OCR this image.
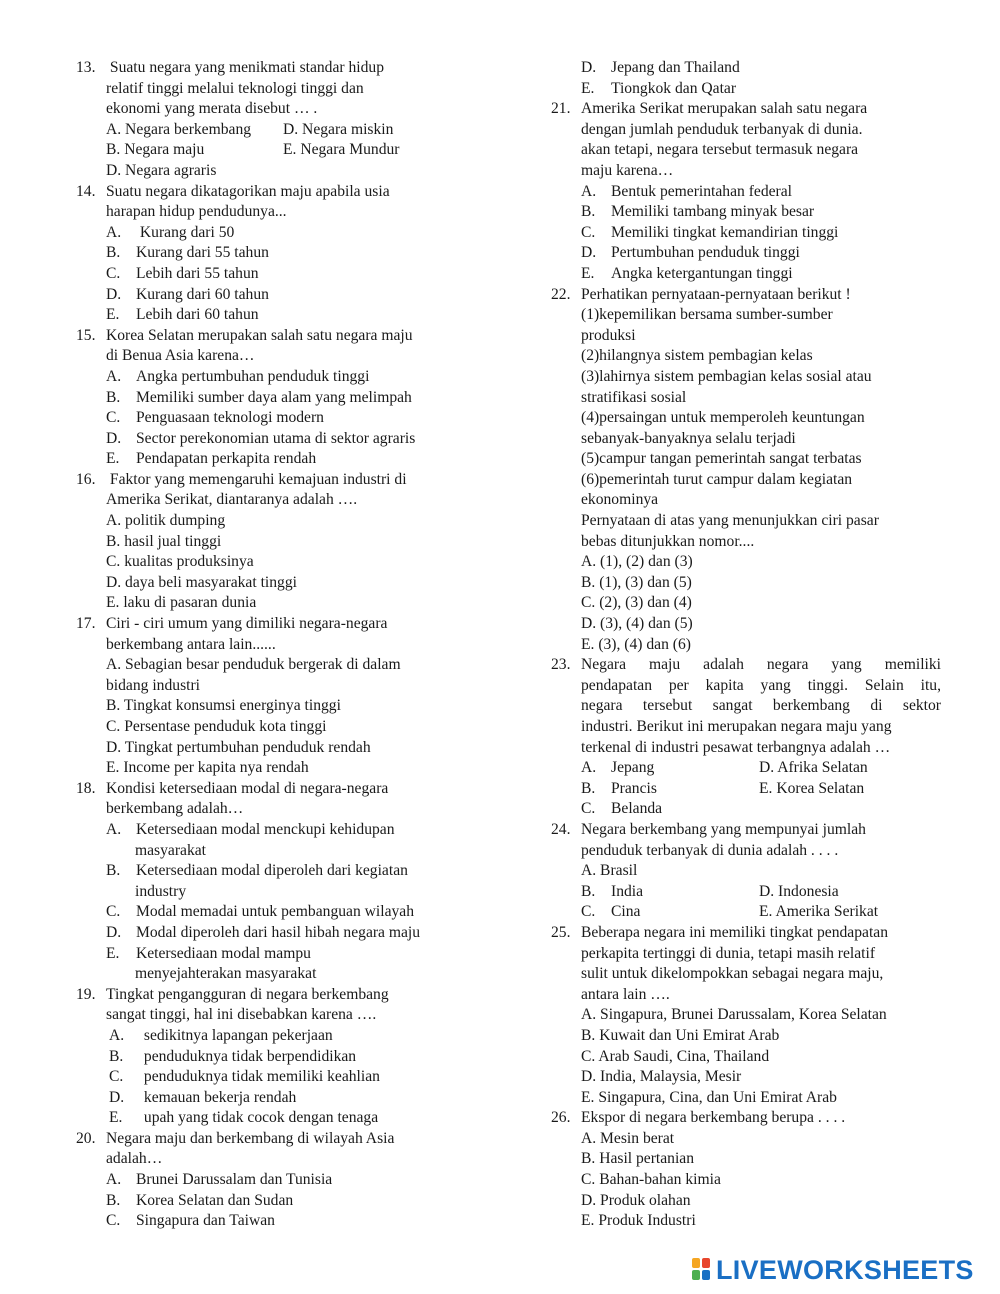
13. Suatu negara yang menikmati standar hidup
relatif tinggi melalui teknologi tinggi dan
ekonomi yang merata disebut … .
A. Negara berkembang D. Negara miskin
B. Negara maju	E. Negara Mundur
D. Negara agraris
14. Suatu negara dikatagorikan maju apabila usia
harapan hidup pendudunya...
A. Kurang dari 50
B. Kurang dari 55 tahun
C. Lebih dari 55 tahun
D. Kurang dari 60 tahun
E. Lebih dari 60 tahun
15. Korea Selatan merupakan salah satu negara maju
di Benua Asia karena…
A. Angka pertumbuhan penduduk tinggi
B. Memiliki sumber daya alam yang melimpah
C. Penguasaan teknologi modern
D. Sector perekonomian utama di sektor agraris
E. Pendapatan perkapita rendah
16. Faktor yang memengaruhi kemajuan industri di
Amerika Serikat, diantaranya adalah ….
A. politik dumping
B. hasil jual tinggi
C. kualitas produksinya
D. daya beli masyarakat tinggi
E. laku di pasaran dunia
17. Ciri - ciri umum yang dimiliki negara-negara
berkembang antara lain......
A. Sebagian besar penduduk bergerak di dalam
bidang industri
B. Tingkat konsumsi energinya tinggi
C. Persentase penduduk kota tinggi
D. Tingkat pertumbuhan penduduk rendah
E. Income per kapita nya rendah
18. Kondisi ketersediaan modal di negara-negara
berkembang adalah…
A. Ketersediaan modal menckupi kehidupan
masyarakat
B. Ketersediaan modal diperoleh dari kegiatan
industry
C. Modal memadai untuk pembanguan wilayah
D. Modal diperoleh dari hasil hibah negara maju
E. Ketersediaan modal mampu
menyejahterakan masyarakat
19. Tingkat pengangguran di negara berkembang
sangat tinggi, hal ini disebabkan karena ….
A. sedikitnya lapangan pekerjaan
B. penduduknya tidak berpendidikan
C. penduduknya tidak memiliki keahlian
D. kemauan bekerja rendah
E. upah yang tidak cocok dengan tenaga
20. Negara maju dan berkembang di wilayah Asia
adalah…
A. Brunei Darussalam dan Tunisia
B. Korea Selatan dan Sudan
C. Singapura dan Taiwan
D. Jepang dan Thailand
E. Tiongkok dan Qatar
21. Amerika Serikat merupakan salah satu negara
dengan jumlah penduduk terbanyak di dunia.
akan tetapi, negara tersebut termasuk negara
maju karena…
A. Bentuk pemerintahan federal
B. Memiliki tambang minyak besar
C. Memiliki tingkat kemandirian tinggi
D. Pertumbuhan penduduk tinggi
E. Angka ketergantungan tinggi
22. Perhatikan pernyataan-pernyataan berikut !
(1)kepemilikan bersama sumber-sumber
produksi
(2)hilangnya sistem pembagian kelas
(3)lahirnya sistem pembagian kelas sosial atau
stratifikasi sosial
(4)persaingan untuk memperoleh keuntungan
sebanyak-banyaknya selalu terjadi
(5)campur tangan pemerintah sangat terbatas
(6)pemerintah turut campur dalam kegiatan
ekonominya
Pernyataan di atas yang menunjukkan ciri pasar
bebas ditunjukkan nomor....
A. (1), (2) dan (3)
B. (1), (3) dan (5)
C. (2), (3) dan (4)
D. (3), (4) dan (5)
E. (3), (4) dan (6)
23. Negara maju adalah negara yang memiliki
pendapatan per kapita yang tinggi. Selain itu,
negara tersebut sangat berkembang di sektor
industri. Berikut ini merupakan negara maju yang
terkenal di industri pesawat terbangnya adalah …
A. Jepang	D. Afrika Selatan
B. Prancis	E. Korea Selatan
C. Belanda
24. Negara berkembang yang mempunyai jumlah
penduduk terbanyak di dunia adalah . . . .
A. Brasil
B. India	D. Indonesia
C. Cina	E. Amerika Serikat
25. Beberapa negara ini memiliki tingkat pendapatan
perkapita tertinggi di dunia, tetapi masih relatif
sulit untuk dikelompokkan sebagai negara maju,
antara lain ….
A. Singapura, Brunei Darussalam, Korea Selatan
B. Kuwait dan Uni Emirat Arab
C. Arab Saudi, Cina, Thailand
D. India, Malaysia, Mesir
E. Singapura, Cina, dan Uni Emirat Arab
26. Ekspor di negara berkembang berupa . . . .
A. Mesin berat
B. Hasil pertanian
C. Bahan-bahan kimia
D. Produk olahan
E. Produk Industri
LIVEWORKSHEETS
